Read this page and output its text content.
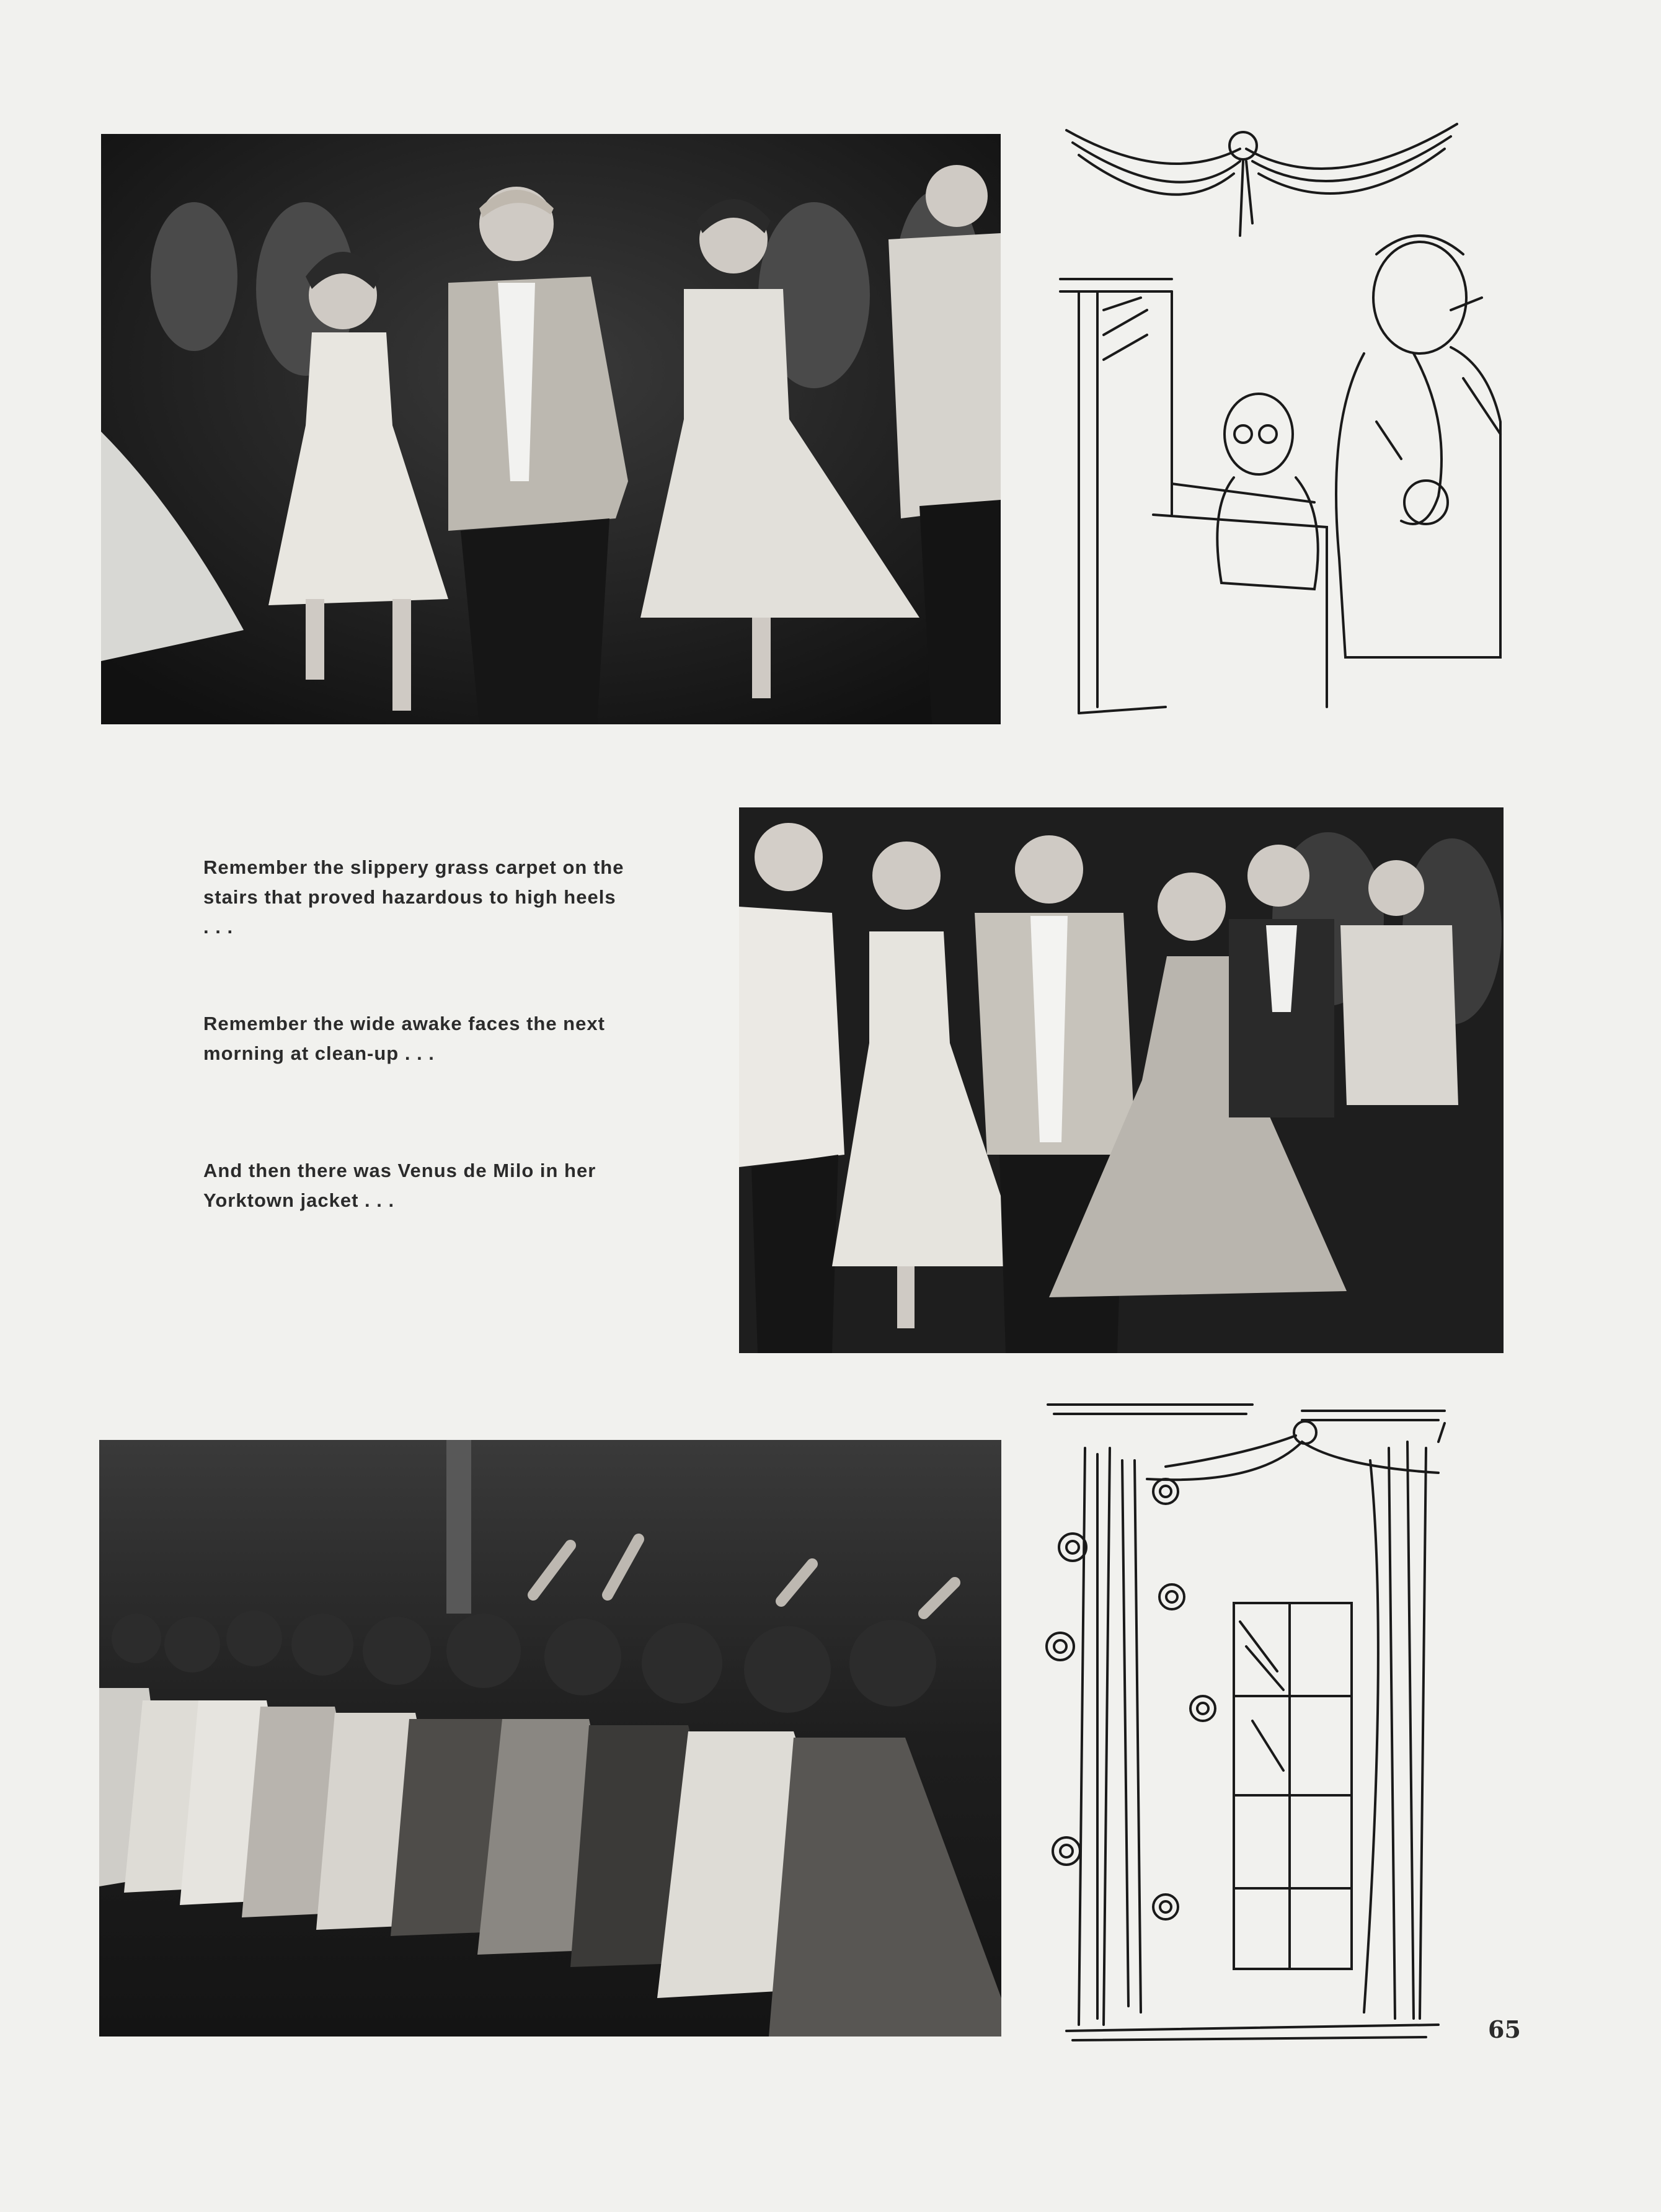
Remember the slippery grass carpet on the stairs that proved hazardous to high heels . . .
Remember the wide awake faces the next morning at clean-up . . .
And then there was Venus de Milo in her Yorktown jacket . . .
65
